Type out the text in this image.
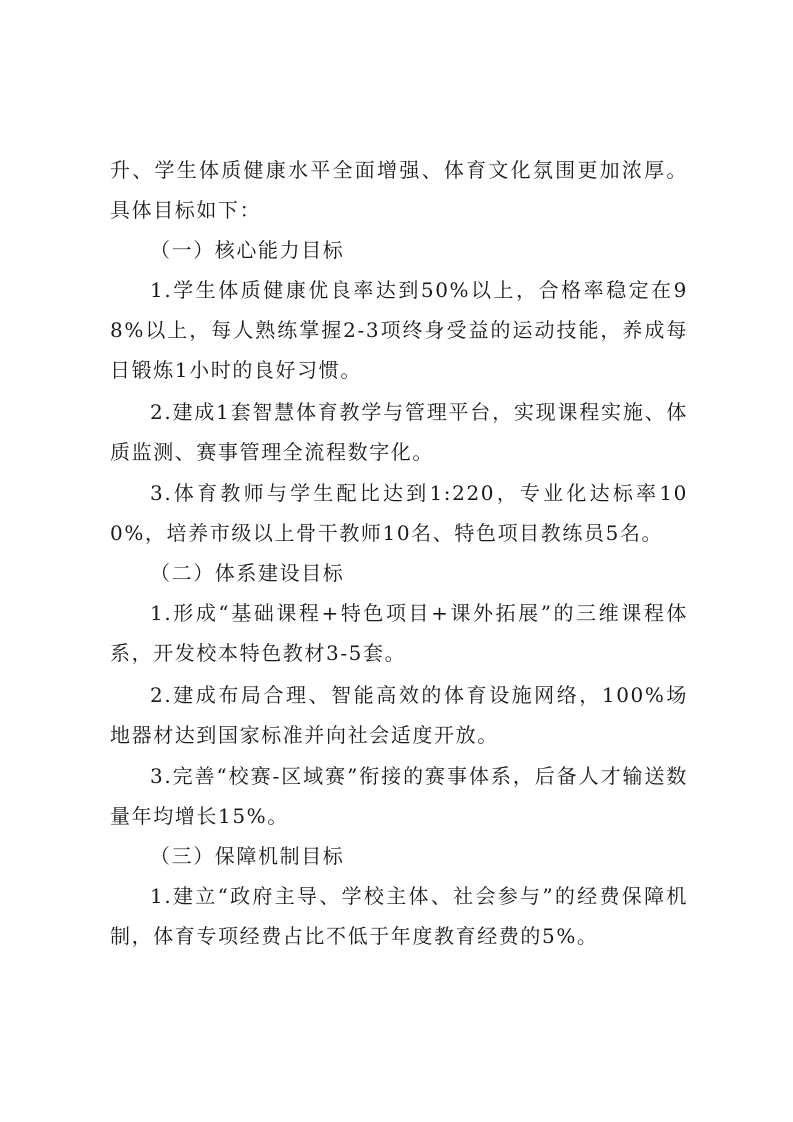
升、学生体质健康水平全面增强、体育文化氛围更加浓厚。具体目标如下：

（一）核心能力目标

1.学生体质健康优良率达到50%以上，合格率稳定在98%以上，每人熟练掌握2-3项终身受益的运动技能，养成每日锻炼1小时的良好习惯。

2.建成1套智慧体育教学与管理平台，实现课程实施、体质监测、赛事管理全流程数字化。

3.体育教师与学生配比达到1:220，专业化达标率100%，培养市级以上骨干教师10名、特色项目教练员5名。

（二）体系建设目标

1.形成“基础课程+特色项目+课外拓展”的三维课程体系，开发校本特色教材3-5套。

2.建成布局合理、智能高效的体育设施网络，100%场地器材达到国家标准并向社会适度开放。

3.完善“校赛-区域赛”衔接的赛事体系，后备人才输送数量年均增长15%。

（三）保障机制目标

1.建立“政府主导、学校主体、社会参与”的经费保障机制，体育专项经费占比不低于年度教育经费的5%。
